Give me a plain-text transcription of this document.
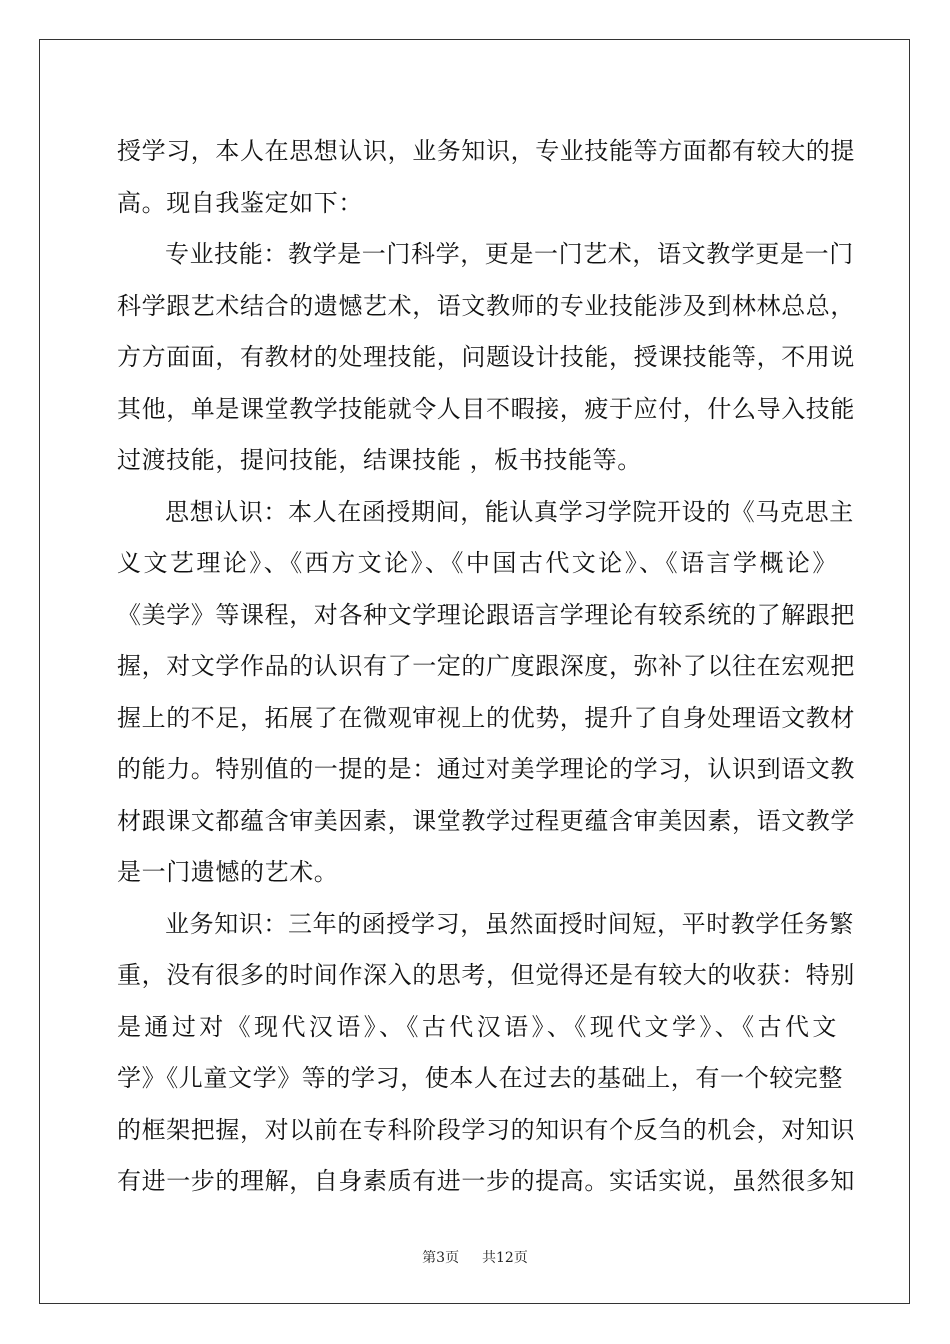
授学习，本人在思想认识，业务知识，专业技能等方面都有较大的提
高。现自我鉴定如下：
专业技能：教学是一门科学，更是一门艺术，语文教学更是一门
科学跟艺术结合的遗憾艺术，语文教师的专业技能涉及到林林总总，
方方面面，有教材的处理技能，问题设计技能，授课技能等，不用说
其他，单是课堂教学技能就令人目不暇接，疲于应付，什么导入技能
过渡技能，提问技能，结课技能 ，板书技能等。
思想认识：本人在函授期间，能认真学习学院开设的《马克思主
义文艺理论》、《西方文论》、《中国古代文论》、《语言学概论》
《美学》等课程，对各种文学理论跟语言学理论有较系统的了解跟把
握，对文学作品的认识有了一定的广度跟深度，弥补了以往在宏观把
握上的不足，拓展了在微观审视上的优势，提升了自身处理语文教材
的能力。特别值的一提的是：通过对美学理论的学习，认识到语文教
材跟课文都蕴含审美因素，课堂教学过程更蕴含审美因素，语文教学
是一门遗憾的艺术。
业务知识：三年的函授学习，虽然面授时间短，平时教学任务繁
重，没有很多的时间作深入的思考，但觉得还是有较大的收获：特别
是通过对《现代汉语》、《古代汉语》、《现代文学》、《古代文
学》《儿童文学》等的学习，使本人在过去的基础上，有一个较完整
的框架把握，对以前在专科阶段学习的知识有个反刍的机会，对知识
有进一步的理解，自身素质有进一步的提高。实话实说，虽然很多知
第3页 共12页
